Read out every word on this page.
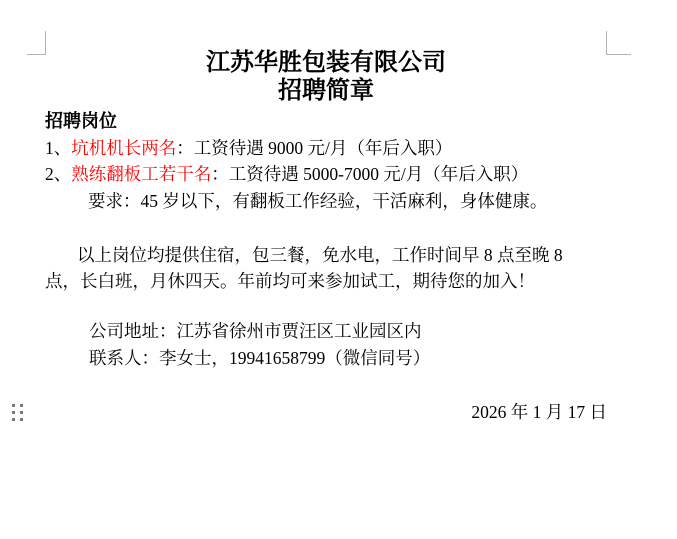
江苏华胜包装有限公司
招聘简章
招聘岗位
1、坑机机长两名：工资待遇 9000 元/月（年后入职）
2、熟练翻板工若干名：工资待遇 5000-7000 元/月（年后入职）
要求：45 岁以下，有翻板工作经验，干活麻利，身体健康。
以上岗位均提供住宿，包三餐，免水电，工作时间早 8 点至晚 8
点，长白班，月休四天。年前均可来参加试工，期待您的加入！
公司地址：江苏省徐州市贾汪区工业园区内
联系人：李女士，19941658799（微信同号）
2026 年 1 月 17 日
